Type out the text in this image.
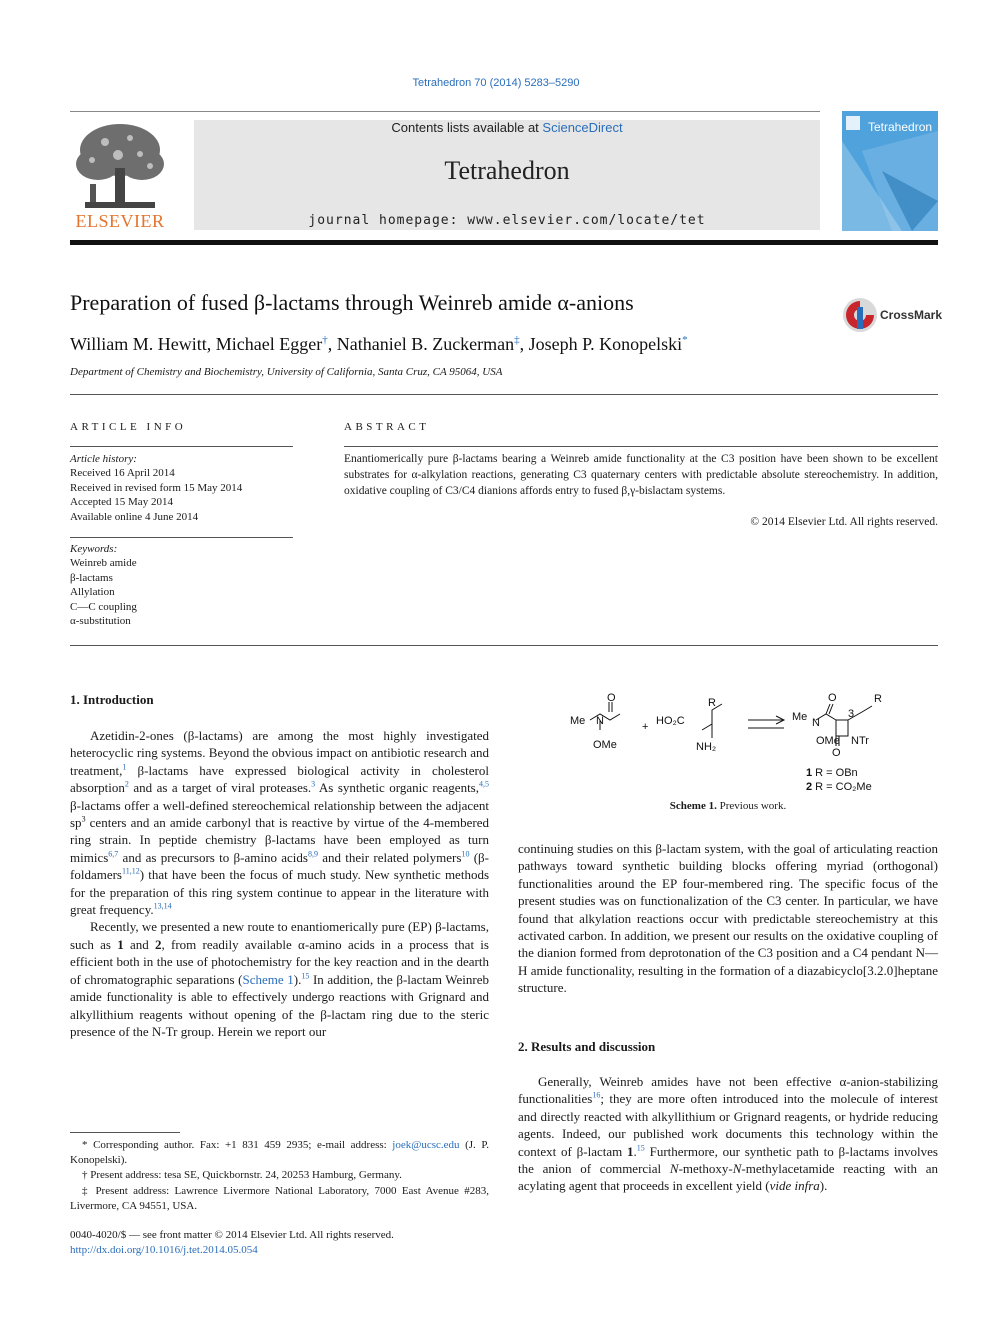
Tetrahedron 70 (2014) 5283–5290
ELSEVIER
Contents lists available at ScienceDirect
Tetrahedron
journal homepage: www.elsevier.com/locate/tet
Tetrahedron
Preparation of fused β-lactams through Weinreb amide α-anions	CrossMark
William M. Hewitt, Michael Egger†, Nathaniel B. Zuckerman‡, Joseph P. Konopelski*
Department of Chemistry and Biochemistry, University of California, Santa Cruz, CA 95064, USA
ARTICLE INFO	ABSTRACT
Article history:
Received 16 April 2014
Received in revised form 15 May 2014
Accepted 15 May 2014
Available online 4 June 2014
Keywords:
Weinreb amide
β-lactams
Allylation
C—C coupling
α-substitution
Enantiomerically pure β-lactams bearing a Weinreb amide functionality at the C3 position have been shown to be excellent substrates for α-alkylation reactions, generating C3 quaternary centers with predictable absolute stereochemistry. In addition, oxidative coupling of C3/C4 dianions affords entry to fused β,γ-bislactam systems.
© 2014 Elsevier Ltd. All rights reserved.
1. Introduction

Azetidin-2-ones (β-lactams) are among the most highly investigated heterocyclic ring systems. Beyond the obvious impact on antibiotic research and treatment,$^1$ β-lactams have expressed biological activity in cholesterol absorption$^2$ and as a target of viral proteases.$^3$ As synthetic organic reagents,$^{4,5}$ β-lactams offer a well-defined stereochemical relationship between the adjacent $sp^3$ centers and an amide carbonyl that is reactive by virtue of the 4-membered ring strain. In peptide chemistry β-lactams have been employed as turn mimics$^{6,7}$ and as precursors to β-amino acids$^{8,9}$ and their related polymers$^{10}$ (β-foldamers$^{11,12}$) that have been the focus of much study. New synthetic methods for the preparation of this ring system continue to appear in the literature with great frequency.$^{13,14}$

Recently, we presented a new route to enantiomerically pure (EP) β-lactams, such as 1 and 2, from readily available α-amino acids in a process that is efficient both in the use of photochemistry for the key reaction and in the dearth of chromatographic separations (Scheme 1).$^{15}$ In addition, the β-lactam Weinreb amide functionality is able to effectively undergo reactions with Grignard and alkyllithium reagents without opening of the β-lactam ring due to the steric presence of the N-Tr group. Herein we report our

Me N
O
OMe
+ HO₂C
R
NH₂
Me N
O
OMe
3
NTr
O
R
1 R = OBn
2 R = CO₂Me
Scheme 1. Previous work.

continuing studies on this β-lactam system, with the goal of articulating reaction pathways toward synthetic building blocks offering myriad (orthogonal) functionalities around the EP four-membered ring. The specific focus of the present studies was on functionalization of the C3 center. In particular, we have found that alkylation reactions occur with predictable stereochemistry at this activated carbon. In addition, we present our results on the oxidative coupling of the dianion formed from deprotonation of the C3 position and a C4 pendant N—H amide functionality, resulting in the formation of a diazabicyclo[3.2.0]heptane structure.

2. Results and discussion

Generally, Weinreb amides have not been effective α-anion-stabilizing functionalities$^{16}$; they are more often introduced into the molecule of interest and directly reacted with alkyllithium or Grignard reagents, or hydride reducing agents. Indeed, our published work documents this technology within the context of β-lactam 1.15 Furthermore, our synthetic path to β-lactams involves the anion of commercial N-methoxy-N-methylacetamide reacting with an acylating agent that proceeds in excellent yield (vide infra).

* Corresponding author. Fax: +1 831 459 2935; e-mail address: joek@ucsc.edu (J. P. Konopelski).
† Present address: tesa SE, Quickbornstr. 24, 20253 Hamburg, Germany.
‡ Present address: Lawrence Livermore National Laboratory, 7000 East Avenue #283, Livermore, CA 94551, USA.
0040-4020/$ — see front matter © 2014 Elsevier Ltd. All rights reserved.
http://dx.doi.org/10.1016/j.tet.2014.05.054
